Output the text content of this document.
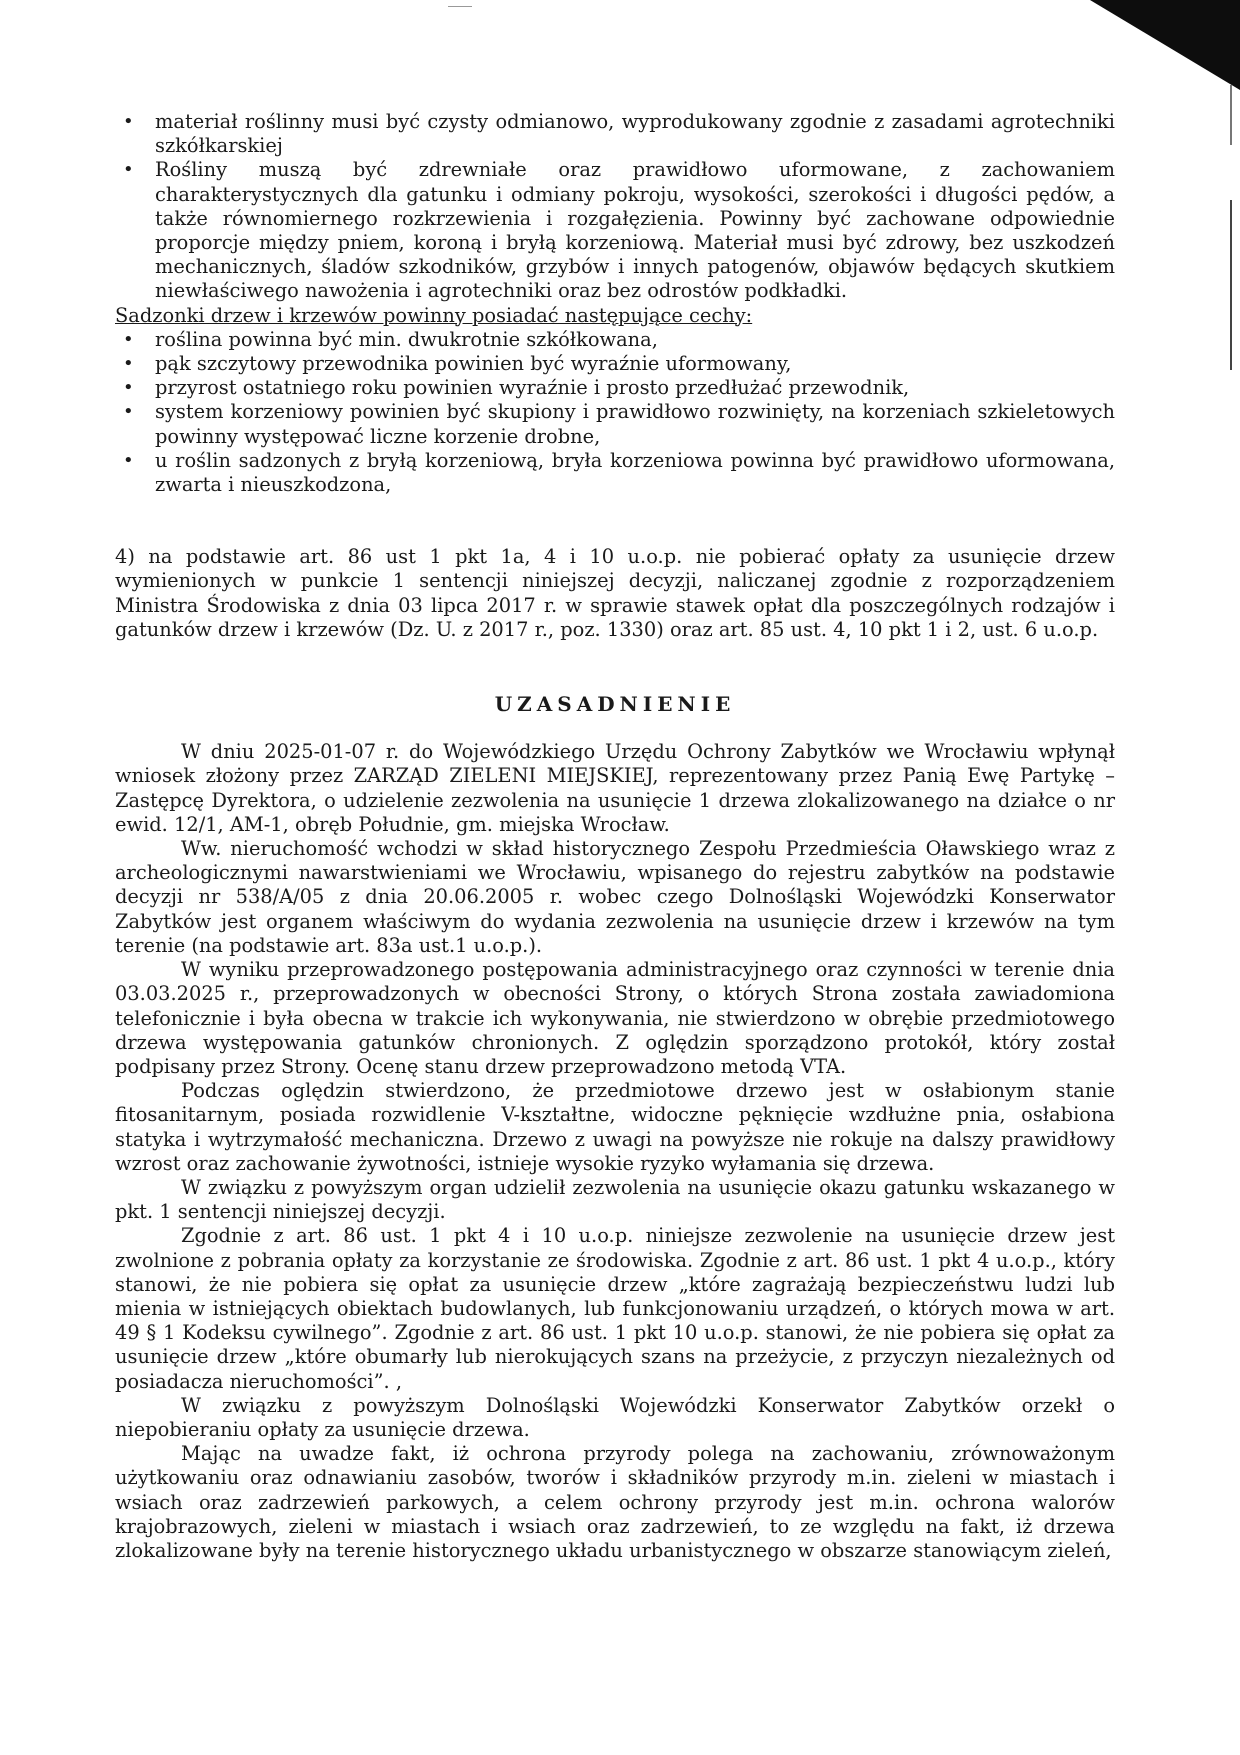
• materiał roślinny musi być czysty odmianowo, wyprodukowany zgodnie z zasadami agrotechniki szkółkarskiej
• Rośliny muszą być zdrewniałe oraz prawidłowo uformowane, z zachowaniem charakterystycznych dla gatunku i odmiany pokroju, wysokości, szerokości i długości pędów, a także równomiernego rozkrzewienia i rozgałęzienia. Powinny być zachowane odpowiednie proporcje między pniem, koroną i bryłą korzeniową. Materiał musi być zdrowy, bez uszkodzeń mechanicznych, śladów szkodników, grzybów i innych patogenów, objawów będących skutkiem niewłaściwego nawożenia i agrotechniki oraz bez odrostów podkładki.

Sadzonki drzew i krzewów powinny posiadać następujące cechy:

• roślina powinna być min. dwukrotnie szkółkowana,
• pąk szczytowy przewodnika powinien być wyraźnie uformowany,
• przyrost ostatniego roku powinien wyraźnie i prosto przedłużać przewodnik,
• system korzeniowy powinien być skupiony i prawidłowo rozwinięty, na korzeniach szkieletowych powinny występować liczne korzenie drobne,
• u roślin sadzonych z bryłą korzeniową, bryła korzeniowa powinna być prawidłowo uformowana, zwarta i nieuszkodzona,

4) na podstawie art. 86 ust 1 pkt 1a, 4 i 10 u.o.p. nie pobierać opłaty za usunięcie drzew wymienionych w punkcie 1 sentencji niniejszej decyzji, naliczanej zgodnie z rozporządzeniem Ministra Środowiska z dnia 03 lipca 2017 r. w sprawie stawek opłat dla poszczególnych rodzajów i gatunków drzew i krzewów (Dz. U. z 2017 r., poz. 1330) oraz art. 85 ust. 4, 10 pkt 1 i 2, ust. 6 u.o.p.

UZASADNIENIE

W dniu 2025-01-07 r. do Wojewódzkiego Urzędu Ochrony Zabytków we Wrocławiu wpłynął wniosek złożony przez ZARZĄD ZIELENI MIEJSKIEJ, reprezentowany przez Panią Ewę Partykę – Zastępcę Dyrektora, o udzielenie zezwolenia na usunięcie 1 drzewa zlokalizowanego na działce o nr ewid. 12/1, AM-1, obręb Południe, gm. miejska Wrocław.

Ww. nieruchomość wchodzi w skład historycznego Zespołu Przedmieścia Oławskiego wraz z archeologicznymi nawarstwieniami we Wrocławiu, wpisanego do rejestru zabytków na podstawie decyzji nr 538/A/05 z dnia 20.06.2005 r. wobec czego Dolnośląski Wojewódzki Konserwator Zabytków jest organem właściwym do wydania zezwolenia na usunięcie drzew i krzewów na tym terenie (na podstawie art. 83a ust.1 u.o.p.).

W wyniku przeprowadzonego postępowania administracyjnego oraz czynności w terenie dnia 03.03.2025 r., przeprowadzonych w obecności Strony, o których Strona została zawiadomiona telefonicznie i była obecna w trakcie ich wykonywania, nie stwierdzono w obrębie przedmiotowego drzewa występowania gatunków chronionych. Z oględzin sporządzono protokół, który został podpisany przez Strony. Ocenę stanu drzew przeprowadzono metodą VTA.

Podczas oględzin stwierdzono, że przedmiotowe drzewo jest w osłabionym stanie fitosanitarnym, posiada rozwidlenie V-kształtne, widoczne pęknięcie wzdłużne pnia, osłabiona statyka i wytrzymałość mechaniczna. Drzewo z uwagi na powyższe nie rokuje na dalszy prawidłowy wzrost oraz zachowanie żywotności, istnieje wysokie ryzyko wyłamania się drzewa.

W związku z powyższym organ udzielił zezwolenia na usunięcie okazu gatunku wskazanego w pkt. 1 sentencji niniejszej decyzji.

Zgodnie z art. 86 ust. 1 pkt 4 i 10 u.o.p. niniejsze zezwolenie na usunięcie drzew jest zwolnione z pobrania opłaty za korzystanie ze środowiska. Zgodnie z art. 86 ust. 1 pkt 4 u.o.p., który stanowi, że nie pobiera się opłat za usunięcie drzew „które zagrażają bezpieczeństwu ludzi lub mienia w istniejących obiektach budowlanych, lub funkcjonowaniu urządzeń, o których mowa w art. 49 § 1 Kodeksu cywilnego”. Zgodnie z art. 86 ust. 1 pkt 10 u.o.p. stanowi, że nie pobiera się opłat za usunięcie drzew „które obumarły lub nierokujących szans na przeżycie, z przyczyn niezależnych od posiadacza nieruchomości”. ,

W związku z powyższym Dolnośląski Wojewódzki Konserwator Zabytków orzekł o niepobieraniu opłaty za usunięcie drzewa.

Mając na uwadze fakt, iż ochrona przyrody polega na zachowaniu, zrównoważonym użytkowaniu oraz odnawianiu zasobów, tworów i składników przyrody m.in. zieleni w miastach i wsiach oraz zadrzewień parkowych, a celem ochrony przyrody jest m.in. ochrona walorów krajobrazowych, zieleni w miastach i wsiach oraz zadrzewień, to ze względu na fakt, iż drzewa zlokalizowane były na terenie historycznego układu urbanistycznego w obszarze stanowiącym zieleń,
